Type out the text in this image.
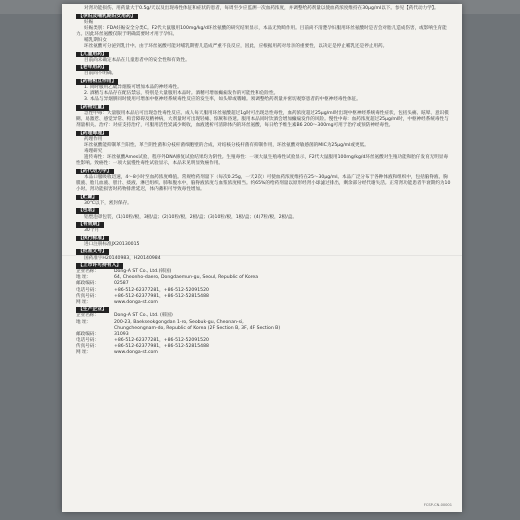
对肾功能损伤、用药量大于0.5g/天以及出现毒性体征和症状的患者，每周至少应监测一次血药浓度，并调整给药剂量以使血药浓度维持在30μg/ml以下。参见【药代动力学】。

【孕妇及哺乳期妇女用药】

妊娠

妊娠类别：FDA妊娠安全分类C。F2代大鼠服用100mg/kg/d环丝氨酸的研究结果显示，本品无致畸作用。目前尚不清楚孕妇服用环丝氨酸时是否会对胎儿造成伤害，或影响生育能力。因此环丝氨酸仅限于明确需要时才用于孕妇。

哺乳期妇女

环丝氨酸可分泌到乳汁中。由于环丝氨酸可能对哺乳期婴儿造成严重不良反应，因此，应根据用药对母亲的重要性，以决定是停止哺乳还是停止用药。

【儿童用药】

目前尚未确定本品在儿童患者中的安全性和有效性。

【老年用药】

目前尚不明确。

【药物相互作用】

1. 同时服用乙硫异烟胺可增加本品的神经毒性。

2. 酒精与本品存在配伍禁忌，特别是大量服用本品时。酒精可增加癫痫发作的可能性和危险性。

3. 本品与异烟肼同时使用可增加中枢神经系统毒性反应的发生率，如头晕或嗜睡。须调整给药剂量并密切观察患者的中枢神经毒性体征。

【药物过量】

急性中毒：大量服用本品后可出现急性毒性反应。成人每天服用环丝氨酸超过1g时可出现急性毒性，血药浓度超过25μg/ml时出现中枢神经系统毒性症状，包括头痛、眩晕、意识模糊、易激惹、感觉异常、构音障碍及精神病，大剂量时可出现轻瘫、惊厥和昏迷。服用本品同时饮酒会增加癫痫发作的风险。慢性中毒：血药浓度超过25μg/ml时，中枢神经系统毒性与剂量相关。治疗：对症支持治疗，可服用活性炭减少吸收，血液透析可清除体内的环丝氨酸，每日给予维生素B6 200～300mg可用于治疗或预防神经毒性。

【药理毒理】

药理作用

环丝氨酸能抑制革兰阳性、革兰阴性菌和分枝杆菌细胞壁的合成，对结核分枝杆菌有抑制作用，环丝氨酸对敏感菌的MIC为25μg/ml或更低。

毒理研究

遗传毒性：环丝氨酸Ames试验，程序外DNA修复试验结果均为阴性。生殖毒性：一项大鼠生殖毒性试验显示，F2代大鼠服用100mg/kg/d环丝氨酸对生殖功能和胎仔发育无明显毒性影响。致癌性：一项大鼠慢性毒性试验显示，本品未见明显致癌作用。

【药代动力学】

本品口服吸收迅速，4～8小时至血药浓度峰值。常规给药剂量下（每次0.25g，一天2次）可使血药浓度维持在25～30μg/ml。本品广泛分布于各种体液和组织中，包括脑脊液、胸膜液、胎儿血液、胆汁、痰液、淋巴组织、肺和腹水中，脑脊液浓度与血浆浓度相当。约65%的给药剂量以原形经肾小球滤过排出，剩余部分经代谢失活。正常肾功能患者半衰期约为10小时。肾功能损害时药物排泄延迟，体内蓄积可导致毒性增加。

【贮藏】

30℃以下，密封保存。

【包装】

铝塑泡罩包装，(1)10粒/板，3板/盒；(2)10粒/板，2板/盒；(3)10粒/板，1板/盒；(4)7粒/板，2板/盒。

【有效期】

30个月

【执行标准】

进口注册标准JX20130015

【批准文号】

国药准字H20140983，H20140984

【上市许可持有人】
企业名称：	Dong-A ST Co., Ltd.(韩国)
地 址：	64, Cheonho-daero, Dongdaemun-gu, Seoul, Republic of Korea
邮政编码：	02587
电话号码：	+86-512-62377281，+86-512-52091520
传真号码：	+86-512-62377981，+86-512-52815488
网 址：	www.donga-st.com
【生产企业】
企业名称：	Dong-A ST Co., Ltd. (韩国)
地 址：	200-23, Baekseokgongdan 1-ro, Seobuk-gu, Cheonan-si,
Chungcheongnam-do, Republic of Korea (2F Section B, 3F, 4F Section B)
邮政编码：	31093
电话号码：	+86-512-62377281，+86-512-52091520
传真号码：	+86-512-62377981，+86-512-52815488
网 址：	www.donga-st.com
FCSP-CN-00001
